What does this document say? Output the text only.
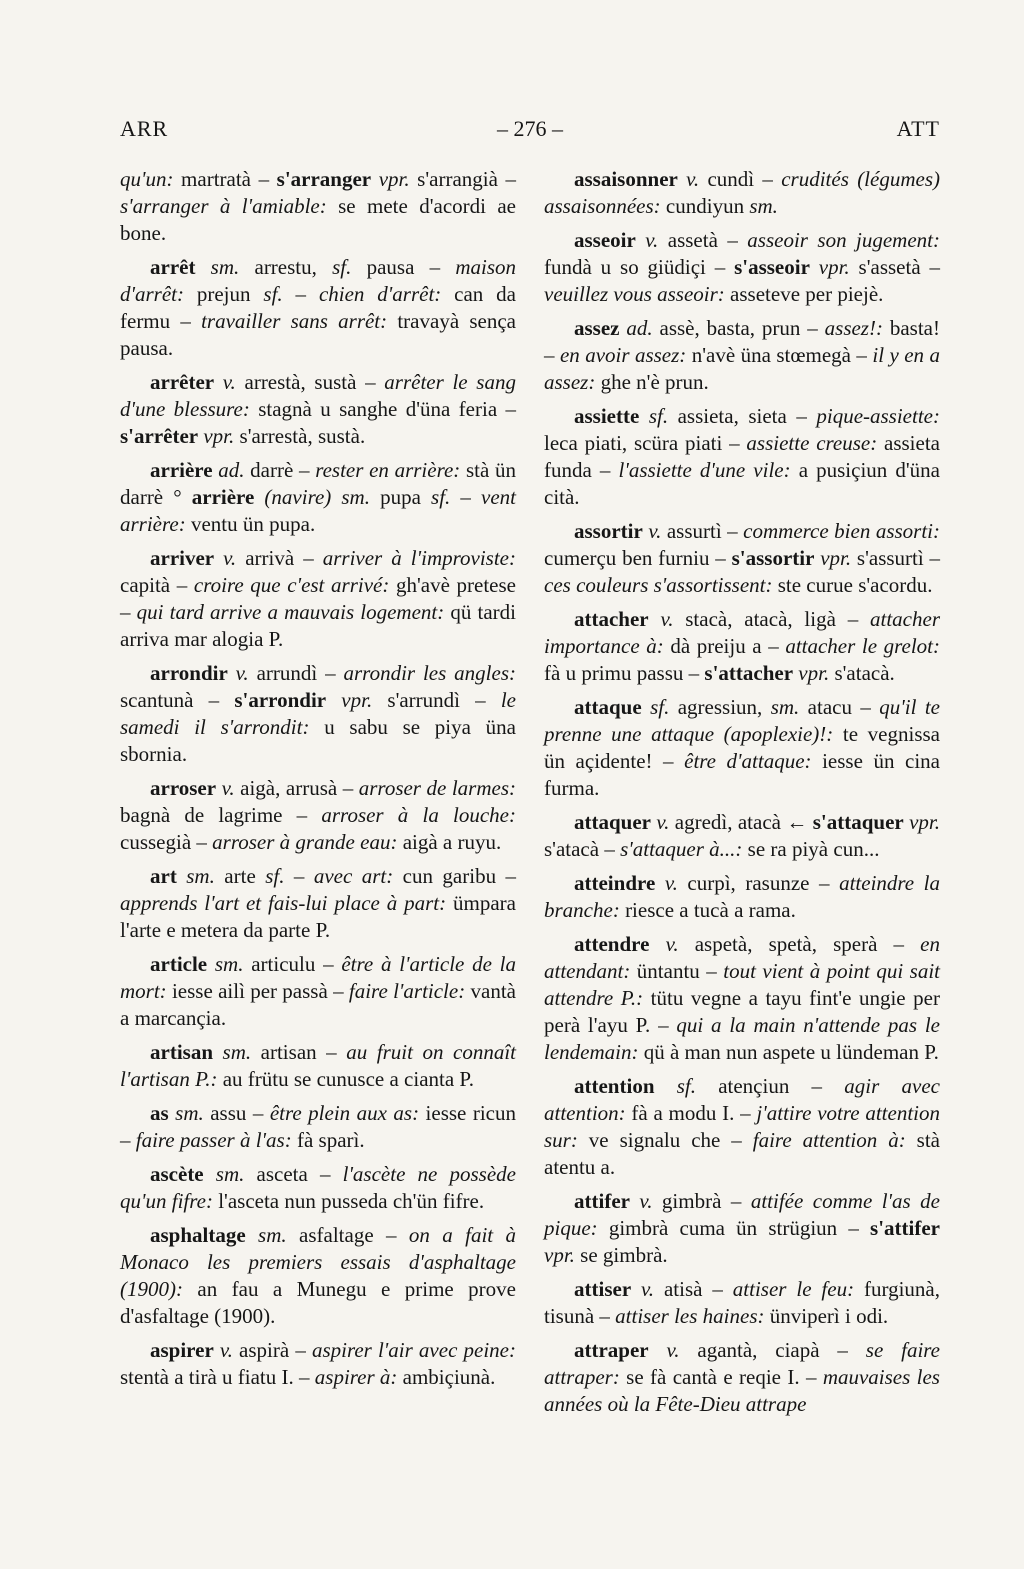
ARR	– 276 –	ATT

qu'un: martratà – s'arranger vpr. s'arrangià – s'arranger à l'amiable: se mete d'acordi ae bone.

arrêt sm. arrestu, sf. pausa – maison d'arrêt: prejun sf. – chien d'arrêt: can da fermu – travailler sans arrêt: travayà sença pausa.

arrêter v. arrestà, sustà – arrêter le sang d'une blessure: stagnà u sanghe d'üna feria – s'arrêter vpr. s'arrestà, sustà.

arrière ad. darrè – rester en arrière: stà ün darrè ° arrière (navire) sm. pupa sf. – vent arrière: ventu ün pupa.

arriver v. arrivà – arriver à l'improviste: capità – croire que c'est arrivé: gh'avè pretese – qui tard arrive a mauvais logement: qü tardi arriva mar alogia P.

arrondir v. arrundì – arrondir les angles: scantunà – s'arrondir vpr. s'arrundì – le samedi il s'arrondit: u sabu se piya üna sbornia.

arroser v. aigà, arrusà – arroser de larmes: bagnà de lagrime – arroser à la louche: cussegià – arroser à grande eau: aigà a ruyu.

art sm. arte sf. – avec art: cun garibu – apprends l'art et fais-lui place à part: ümpara l'arte e metera da parte P.

article sm. articulu – être à l'article de la mort: iesse ailì per passà – faire l'article: vantà a marcançia.

artisan sm. artisan – au fruit on connaît l'artisan P.: au frütu se cunusce a cianta P.

as sm. assu – être plein aux as: iesse ricun – faire passer à l'as: fà sparì.

ascète sm. asceta – l'ascète ne possède qu'un fifre: l'asceta nun pusseda ch'ün fifre.

asphaltage sm. asfaltage – on a fait à Monaco les premiers essais d'asphaltage (1900): an fau a Munegu e prime prove d'asfaltage (1900).

aspirer v. aspirà – aspirer l'air avec peine: stentà a tirà u fiatu I. – aspirer à: ambiçiunà.

assaisonner v. cundì – crudités (légumes) assaisonnées: cundiyun sm.

asseoir v. assetà – asseoir son jugement: fundà u so giüdiçi – s'asseoir vpr. s'assetà – veuillez vous asseoir: asseteve per piejè.

assez ad. assè, basta, prun – assez!: basta! – en avoir assez: n'avè üna stœmegà – il y en a assez: ghe n'è prun.

assiette sf. assieta, sieta – pique-assiette: leca piati, scüra piati – assiette creuse: assieta funda – l'assiette d'une vile: a pusiçiun d'üna cità.

assortir v. assurtì – commerce bien assorti: cumerçu ben furniu – s'assortir vpr. s'assurtì – ces couleurs s'assortissent: ste curue s'acordu.

attacher v. stacà, atacà, ligà – attacher importance à: dà preiju a – attacher le grelot: fà u primu passu – s'attacher vpr. s'atacà.

attaque sf. agressiun, sm. atacu – qu'il te prenne une attaque (apoplexie)!: te vegnissa ün açidente! – être d'attaque: iesse ün cina furma.

attaquer v. agredì, atacà ← s'attaquer vpr. s'atacà – s'attaquer à...: se ra piyà cun...

atteindre v. curpì, rasunze – atteindre la branche: riesce a tucà a rama.

attendre v. aspetà, spetà, sperà – en attendant: üntantu – tout vient à point qui sait attendre P.: tütu vegne a tayu fint'e ungie per perà l'ayu P. – qui a la main n'attende pas le lendemain: qü à man nun aspete u lündeman P.

attention sf. atençiun – agir avec attention: fà a modu I. – j'attire votre attention sur: ve signalu che – faire attention à: stà atentu a.

attifer v. gimbrà – attifée comme l'as de pique: gimbrà cuma ün strügiun – s'attifer vpr. se gimbrà.

attiser v. atisà – attiser le feu: furgiunà, tisunà – attiser les haines: ünviperì i odi.

attraper v. agantà, ciapà – se faire attraper: se fà cantà e reqie I. – mauvaises les années où la Fête-Dieu attrape
